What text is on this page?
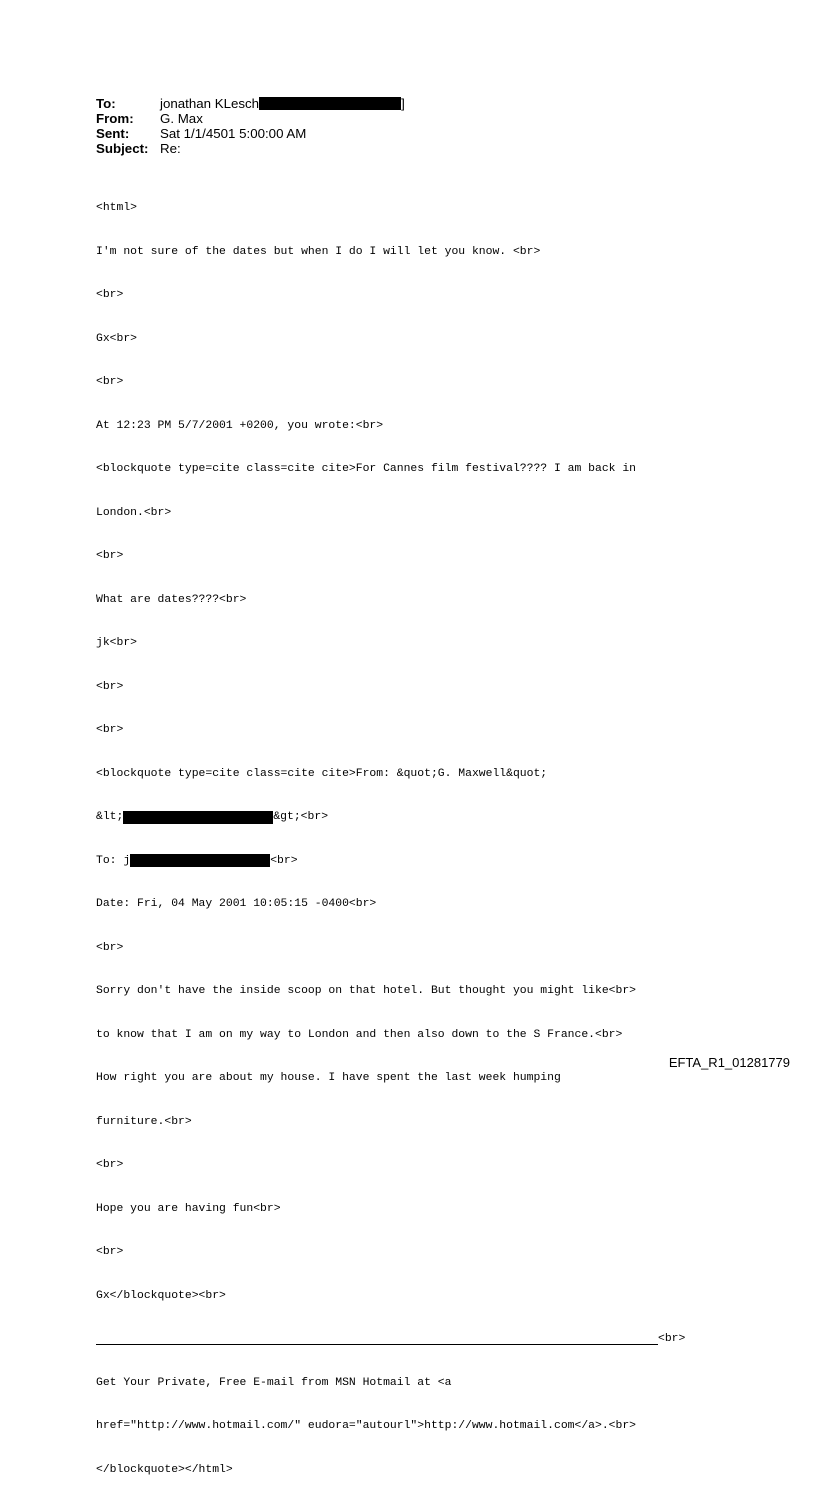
To:	jonathan KLesch	]
From:	G. Max
Sent:	Sat 1/1/4501 5:00:00 AM
Subject: Re:

<html>

I'm not sure of the dates but when I do I will let you know. <br>

<br>

Gx<br>

<br>

At 12:23 PM 5/7/2001 +0200, you wrote:<br>

<blockquote type=cite class=cite cite>For Cannes film festival???? I am back in

London.<br>

<br>

What are dates????<br>

jk<br>

<br>

<br>

<blockquote type=cite class=cite cite>From: &quot;G. Maxwell&quot;

&lt;	&gt;<br>

To: j	<br>

Date: Fri, 04 May 2001 10:05:15 -0400<br>

<br>

Sorry don't have the inside scoop on that hotel. But thought you might like<br>

to know that I am on my way to London and then also down to the S France.<br>

How right you are about my house. I have spent the last week humping

furniture.<br>

<br>

Hope you are having fun<br>

<br>

Gx</blockquote><br>

<br>

Get Your Private, Free E-mail from MSN Hotmail at <a

href="http://www.hotmail.com/" eudora="autourl">http://www.hotmail.com</a>.<br>

</blockquote></html>

EFTA_R1_01281779
